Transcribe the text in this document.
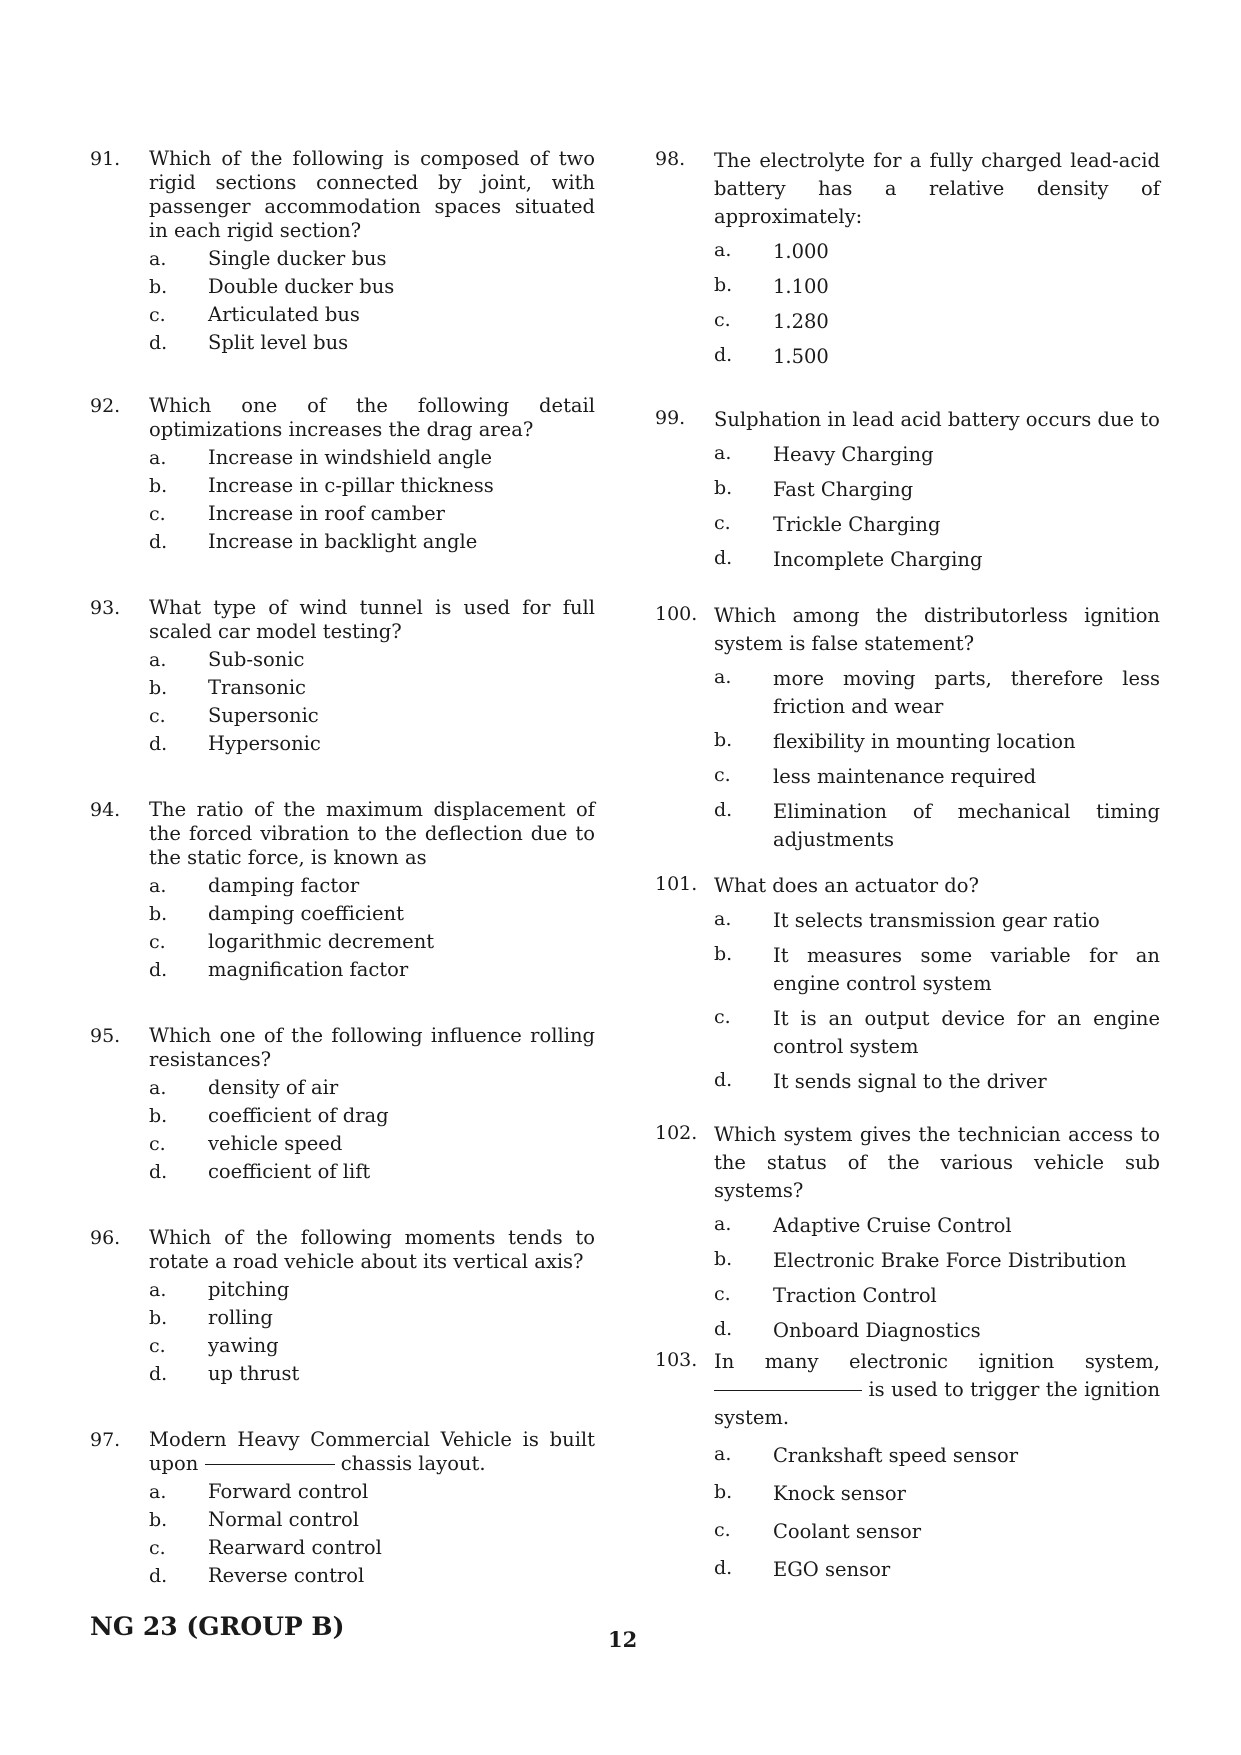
91. Which of the following is composed of two rigid sections connected by joint, with passenger accommodation spaces situated in each rigid section?
a. Single ducker bus
b. Double ducker bus
c. Articulated bus
d. Split level bus
92. Which one of the following detail optimizations increases the drag area?
a. Increase in windshield angle
b. Increase in c-pillar thickness
c. Increase in roof camber
d. Increase in backlight angle
93. What type of wind tunnel is used for full scaled car model testing?
a. Sub-sonic
b. Transonic
c. Supersonic
d. Hypersonic
94. The ratio of the maximum displacement of the forced vibration to the deflection due to the static force, is known as
a. damping factor
b. damping coefficient
c. logarithmic decrement
d. magnification factor
95. Which one of the following influence rolling resistances?
a. density of air
b. coefficient of drag
c. vehicle speed
d. coefficient of lift
96. Which of the following moments tends to rotate a road vehicle about its vertical axis?
a. pitching
b. rolling
c. yawing
d. up thrust
97. Modern Heavy Commercial Vehicle is built upon	chassis layout.
a. Forward control
b. Normal control
c. Rearward control
d. Reverse control
98. The electrolyte for a fully charged lead-acid battery has a relative density of approximately:
a. 1.000
b. 1.100
c. 1.280
d. 1.500
99. Sulphation in lead acid battery occurs due to
a. Heavy Charging
b. Fast Charging
c. Trickle Charging
d. Incomplete Charging
100. Which among the distributorless ignition system is false statement?
a. more moving parts, therefore less friction and wear
b. flexibility in mounting location
c. less maintenance required
d. Elimination of mechanical timing adjustments
101. What does an actuator do?
a. It selects transmission gear ratio
b. It measures some variable for an engine control system
c. It is an output device for an engine control system
d. It sends signal to the driver
102. Which system gives the technician access to the status of the various vehicle sub systems?
a. Adaptive Cruise Control
b. Electronic Brake Force Distribution
c. Traction Control
d. Onboard Diagnostics
103. In many electronic ignition system,  is used to trigger the ignition system.
a. Crankshaft speed sensor
b. Knock sensor
c. Coolant sensor
d. EGO sensor
NG 23 (GROUP B)	12
